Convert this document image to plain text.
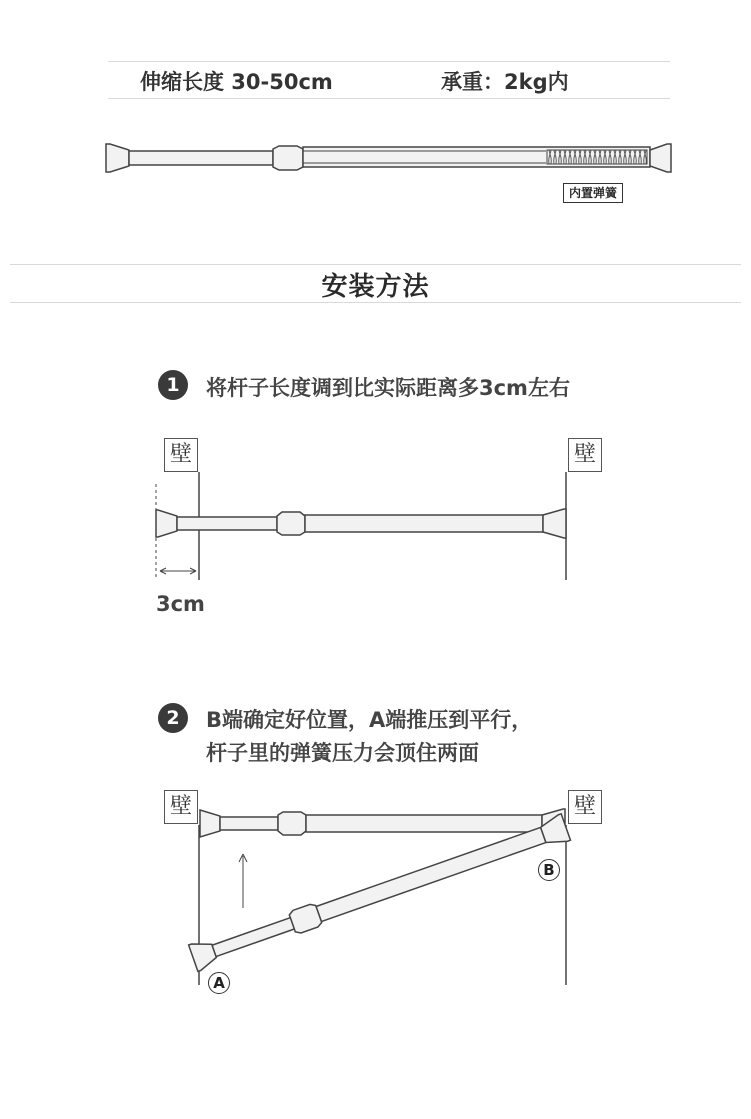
伸缩长度 30-50cm	承重：2kg内
安装方法
内置弹簧
1	将杆子长度调到比实际距离多3cm左右
壁	壁
3cm
2	B端确定好位置，A端推压到平行，
杆子里的弹簧压力会顶住两面
壁	壁
B
A
